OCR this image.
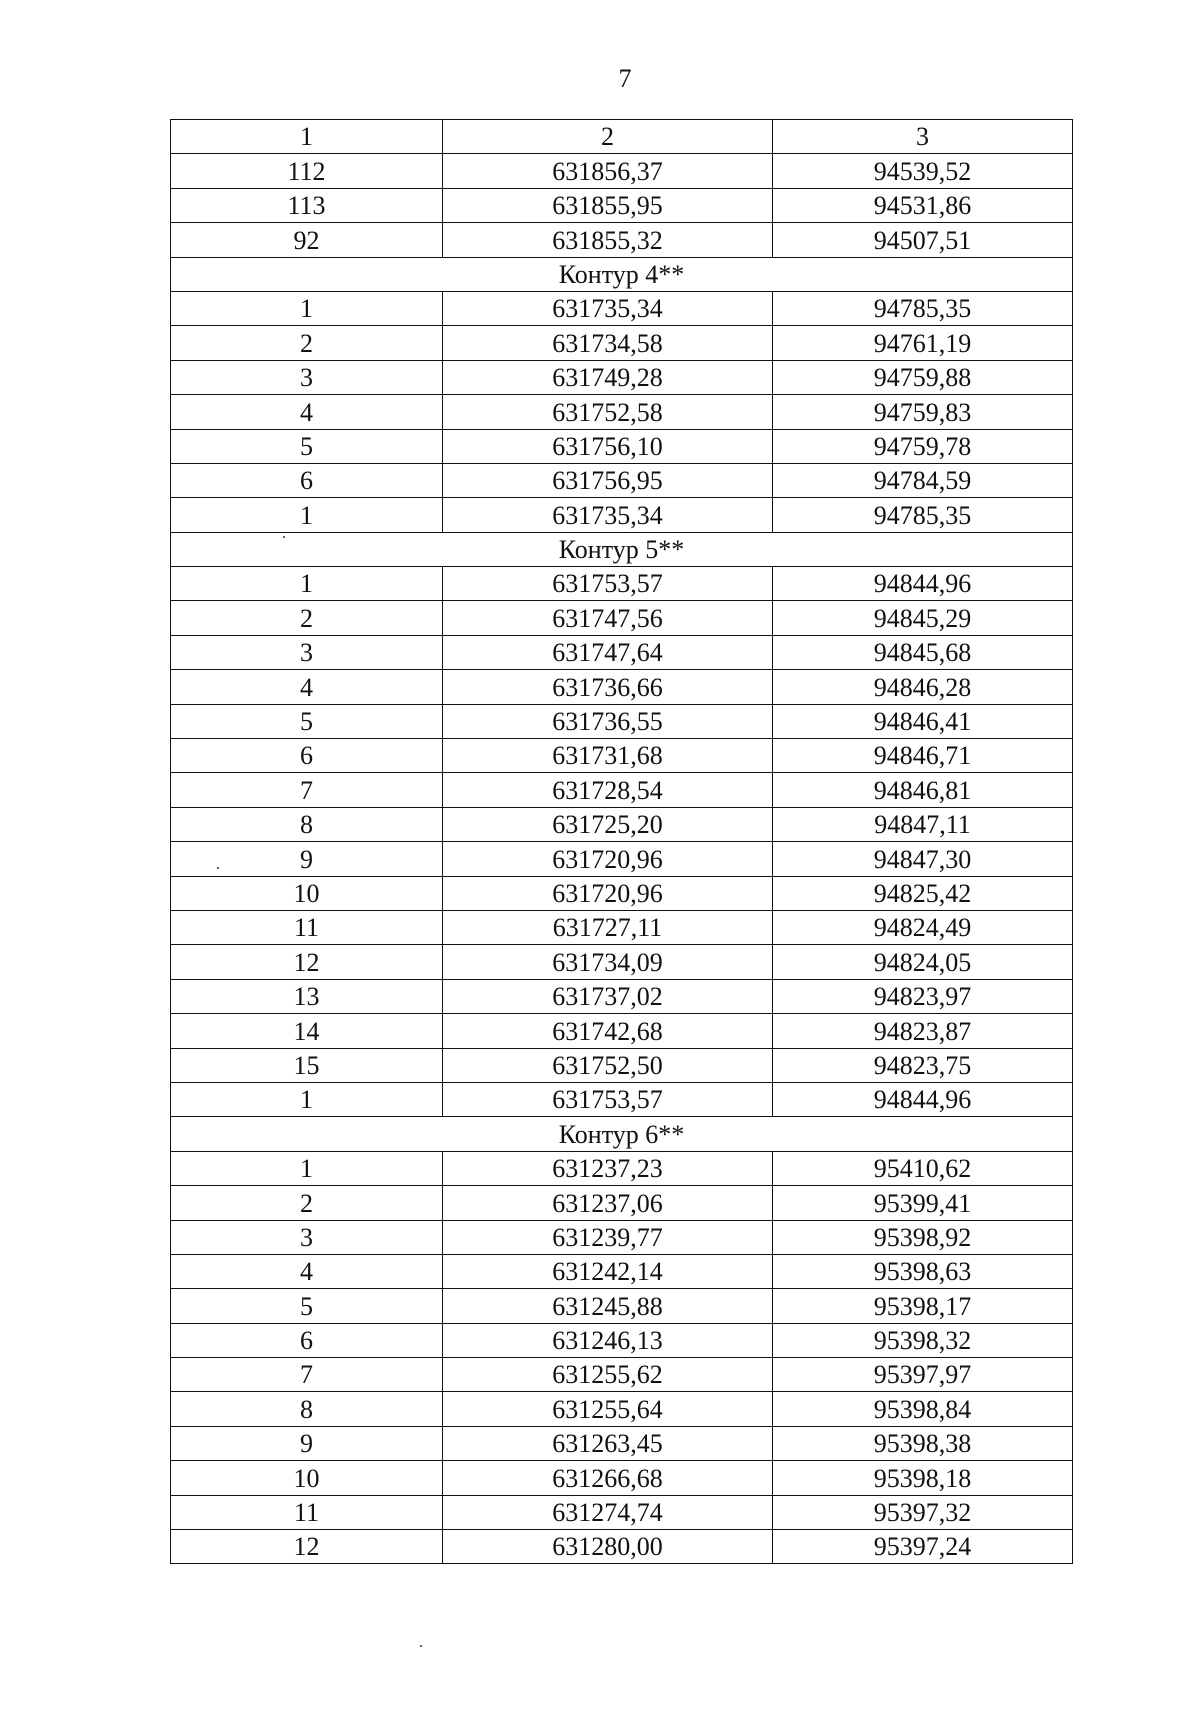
7
1	2	3
112	631856,37	94539,52
113	631855,95	94531,86
92	631855,32	94507,51
Контур 4**		
1	631735,34	94785,35
2	631734,58	94761,19
3	631749,28	94759,88
4	631752,58	94759,83
5	631756,10	94759,78
6	631756,95	94784,59
1	631735,34	94785,35
Контур 5**		
1	631753,57	94844,96
2	631747,56	94845,29
3	631747,64	94845,68
4	631736,66	94846,28
5	631736,55	94846,41
6	631731,68	94846,71
7	631728,54	94846,81
8	631725,20	94847,11
9	631720,96	94847,30
10	631720,96	94825,42
11	631727,11	94824,49
12	631734,09	94824,05
13	631737,02	94823,97
14	631742,68	94823,87
15	631752,50	94823,75
1	631753,57	94844,96
Контур 6**		
1	631237,23	95410,62
2	631237,06	95399,41
3	631239,77	95398,92
4	631242,14	95398,63
5	631245,88	95398,17
6	631246,13	95398,32
7	631255,62	95397,97
8	631255,64	95398,84
9	631263,45	95398,38
10	631266,68	95398,18
11	631274,74	95397,32
12	631280,00	95397,24
